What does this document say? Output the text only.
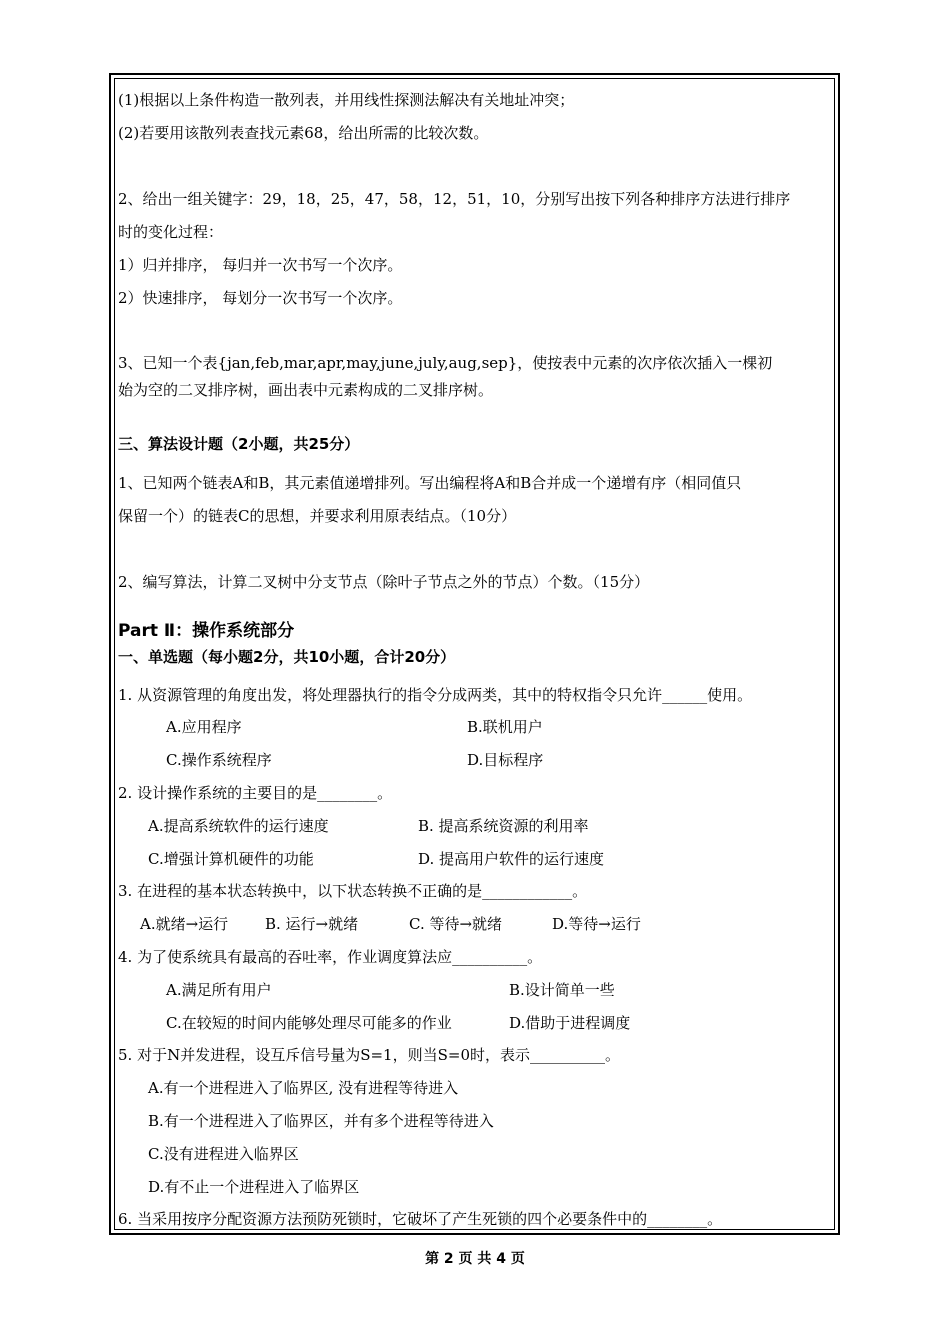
(1)根据以上条件构造一散列表，并用线性探测法解决有关地址冲突；
(2)若要用该散列表查找元素68，给出所需的比较次数。
2、给出一组关键字：29，18，25，47，58，12，51，10，分别写出按下列各种排序方法进行排序
时的变化过程：
1）归并排序， 每归并一次书写一个次序。
2）快速排序， 每划分一次书写一个次序。
3、已知一个表{jan,feb,mar,apr,may,june,july,aug,sep}，使按表中元素的次序依次插入一棵初
始为空的二叉排序树，画出表中元素构成的二叉排序树。
三、算法设计题（2小题，共25分）
1、已知两个链表A和B，其元素值递增排列。写出编程将A和B合并成一个递增有序（相同值只
保留一个）的链表C的思想，并要求利用原表结点。（10分）
2、编写算法，计算二叉树中分支节点（除叶子节点之外的节点）个数。（15分）
Part Ⅱ：操作系统部分
一、单选题（每小题2分，共10小题，合计20分）
1. 从资源管理的角度出发，将处理器执行的指令分成两类，其中的特权指令只允许______使用。
A.应用程序	B.联机用户
C.操作系统程序	D.目标程序
2. 设计操作系统的主要目的是________。
A.提高系统软件的运行速度	B. 提高系统资源的利用率
C.增强计算机硬件的功能	D. 提高用户软件的运行速度
3. 在进程的基本状态转换中，以下状态转换不正确的是____________。
A.就绪→运行 B. 运行→就绪	C. 等待→就绪	D.等待→运行
4. 为了使系统具有最高的吞吐率，作业调度算法应__________。
A.满足所有用户	B.设计简单一些
C.在较短的时间内能够处理尽可能多的作业	D.借助于进程调度
5. 对于N并发进程，设互斥信号量为S=1，则当S=0时，表示__________。
A.有一个进程进入了临界区, 没有进程等待进入
B.有一个进程进入了临界区，并有多个进程等待进入
C.没有进程进入临界区
D.有不止一个进程进入了临界区
6. 当采用按序分配资源方法预防死锁时，它破坏了产生死锁的四个必要条件中的________。
第 2 页 共 4 页
